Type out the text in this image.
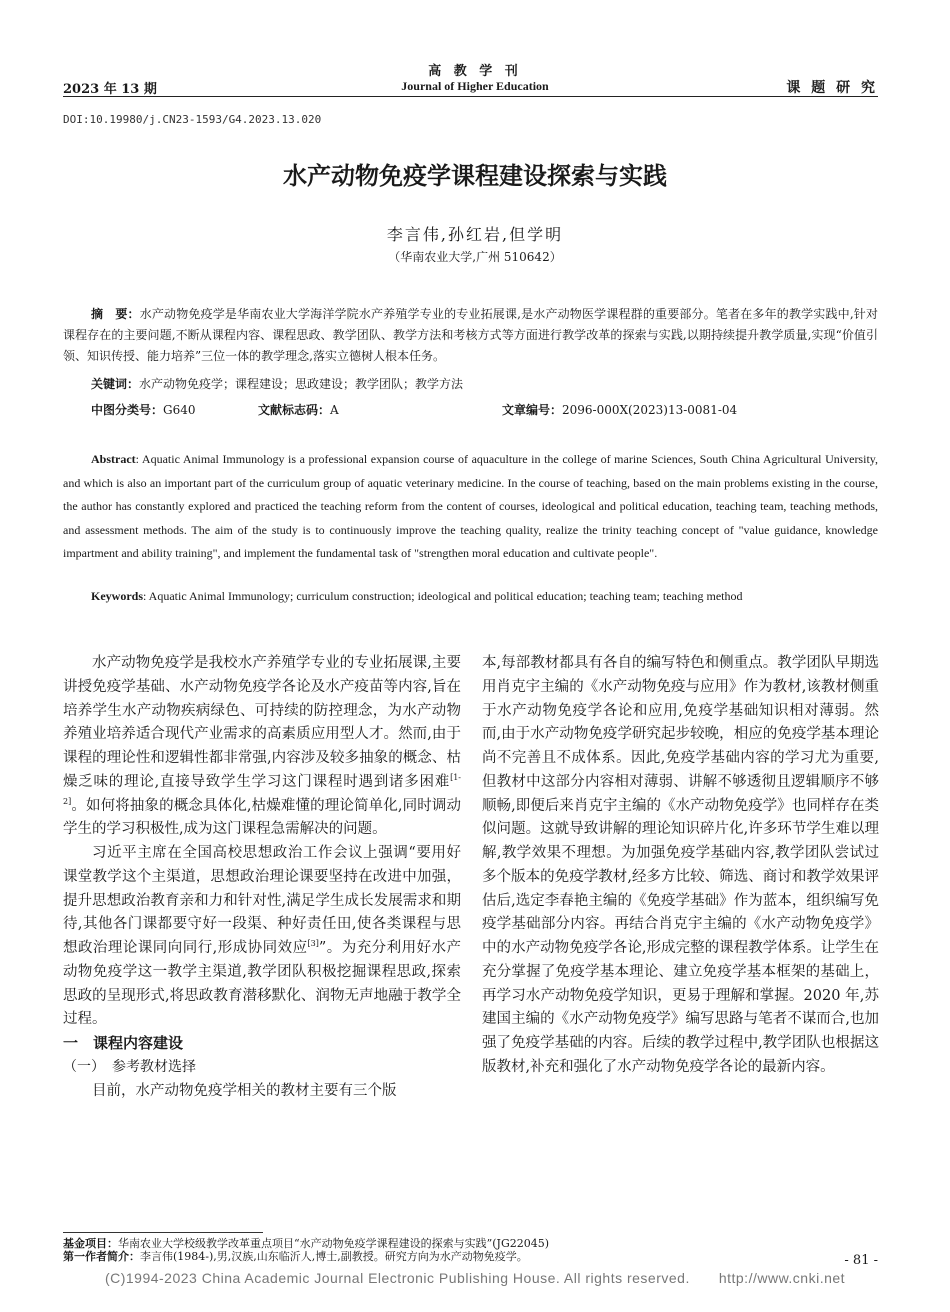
高 教 学 刊
2023 年 13 期	Journal of Higher Education	课 题 研 究
DOI:10.19980/j.CN23-1593/G4.2023.13.020
水产动物免疫学课程建设探索与实践
李言伟,孙红岩,但学明
（华南农业大学,广州 510642）
摘　要：水产动物免疫学是华南农业大学海洋学院水产养殖学专业的专业拓展课,是水产动物医学课程群的重要部分。笔者在多年的教学实践中,针对课程存在的主要问题,不断从课程内容、课程思政、教学团队、教学方法和考核方式等方面进行教学改革的探索与实践,以期持续提升教学质量,实现“价值引领、知识传授、能力培养”三位一体的教学理念,落实立德树人根本任务。
关键词：水产动物免疫学；课程建设；思政建设；教学团队；教学方法
中图分类号：G640	文献标志码：A	文章编号：2096-000X(2023)13-0081-04
Abstract: Aquatic Animal Immunology is a professional expansion course of aquaculture in the college of marine Sciences, South China Agricultural University, and which is also an important part of the curriculum group of aquatic veterinary medicine. In the course of teaching, based on the main problems existing in the course, the author has constantly explored and practiced the teaching reform from the content of courses, ideological and political education, teaching team, teaching methods, and assessment methods. The aim of the study is to continuously improve the teaching quality, realize the trinity teaching concept of "value guidance, knowledge impartment and ability training", and implement the fundamental task of "strengthen moral education and cultivate people".
Keywords: Aquatic Animal Immunology; curriculum construction; ideological and political education; teaching team; teaching method

水产动物免疫学是我校水产养殖学专业的专业拓展课,主要讲授免疫学基础、水产动物免疫学各论及水产疫苗等内容,旨在培养学生水产动物疾病绿色、可持续的防控理念，为水产动物养殖业培养适合现代产业需求的高素质应用型人才。然而,由于课程的理论性和逻辑性都非常强,内容涉及较多抽象的概念、枯燥乏味的理论,直接导致学生学习这门课程时遇到诸多困难[1-2]。如何将抽象的概念具体化,枯燥难懂的理论简单化,同时调动学生的学习积极性,成为这门课程急需解决的问题。

习近平主席在全国高校思想政治工作会议上强调“要用好课堂教学这个主渠道，思想政治理论课要坚持在改进中加强，提升思想政治教育亲和力和针对性,满足学生成长发展需求和期待,其他各门课都要守好一段渠、种好责任田,使各类课程与思想政治理论课同向同行,形成协同效应[3]”。为充分利用好水产动物免疫学这一教学主渠道,教学团队积极挖掘课程思政,探索思政的呈现形式,将思政教育潜移默化、润物无声地融于教学全过程。

一　课程内容建设

（一）　参考教材选择

目前，水产动物免疫学相关的教材主要有三个版

本,每部教材都具有各自的编写特色和侧重点。教学团队早期选用肖克宇主编的《水产动物免疫与应用》作为教材,该教材侧重于水产动物免疫学各论和应用,免疫学基础知识相对薄弱。然而,由于水产动物免疫学研究起步较晚，相应的免疫学基本理论尚不完善且不成体系。因此,免疫学基础内容的学习尤为重要,但教材中这部分内容相对薄弱、讲解不够透彻且逻辑顺序不够顺畅,即便后来肖克宇主编的《水产动物免疫学》也同样存在类似问题。这就导致讲解的理论知识碎片化,许多环节学生难以理解,教学效果不理想。为加强免疫学基础内容,教学团队尝试过多个版本的免疫学教材,经多方比较、筛选、商讨和教学效果评估后,选定李春艳主编的《免疫学基础》作为蓝本，组织编写免疫学基础部分内容。再结合肖克宇主编的《水产动物免疫学》中的水产动物免疫学各论,形成完整的课程教学体系。让学生在充分掌握了免疫学基本理论、建立免疫学基本框架的基础上，再学习水产动物免疫学知识，更易于理解和掌握。2020 年,苏建国主编的《水产动物免疫学》编写思路与笔者不谋而合,也加强了免疫学基础的内容。后续的教学过程中,教学团队也根据这版教材,补充和强化了水产动物免疫学各论的最新内容。

基金项目：华南农业大学校级教学改革重点项目“水产动物免疫学课程建设的探索与实践”(JG22045)
第一作者简介：李言伟(1984-),男,汉族,山东临沂人,博士,副教授。研究方向为水产动物免疫学。	- 81 -
(C)1994-2023 China Academic Journal Electronic Publishing House. All rights reserved.　　http://www.cnki.net
